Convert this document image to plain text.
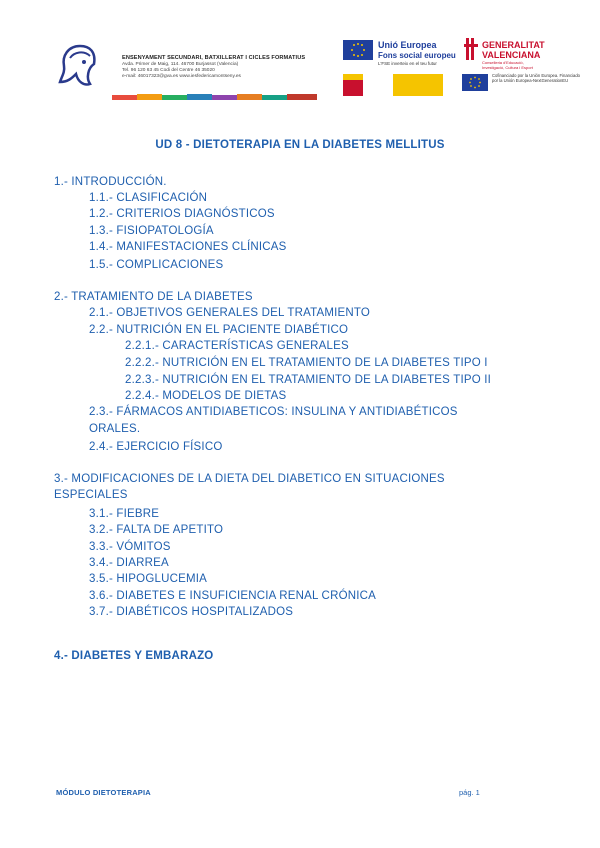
ENSENYAMENT SECUNDARI, BATXILLERAT I CICLES FORMATIUS
Avda. Primer de Maig, 114. 46700 Burjassot (Valencia)
Tel. 96 120 63 45 Codi del Centre 46 35020
e-mail: 46017323@gva.es www.iesfedericamontseny.es
Unió Europea
Fons social europeu
L'FSE inverteix en el teu futur
GENERALITAT
VALENCIANA
Conselleria d'Educació,
Investigació, Cultura i Esport
Cofinanciado por la Unión Europea. Financiado por la Unión Europea-NextGenerationEU
UD 8 - DIETOTERAPIA EN LA DIABETES MELLITUS
1.- INTRODUCCIÓN.
1.1.- CLASIFICACIÓN
1.2.- CRITERIOS DIAGNÓSTICOS
1.3.- FISIOPATOLOGÍA
1.4.- MANIFESTACIONES CLÍNICAS
1.5.- COMPLICACIONES
2.- TRATAMIENTO DE LA DIABETES
2.1.- OBJETIVOS GENERALES DEL TRATAMIENTO
2.2.- NUTRICIÓN EN EL PACIENTE DIABÉTICO
2.2.1.- CARACTERÍSTICAS GENERALES
2.2.2.- NUTRICIÓN EN EL TRATAMIENTO DE LA DIABETES TIPO I
2.2.3.- NUTRICIÓN EN EL TRATAMIENTO DE LA DIABETES TIPO II
2.2.4.- MODELOS DE DIETAS
2.3.- FÁRMACOS ANTIDIABETICOS: INSULINA Y ANTIDIABÉTICOS
ORALES.
2.4.- EJERCICIO FÍSICO
3.- MODIFICACIONES DE LA DIETA DEL DIABETICO EN SITUACIONES
ESPECIALES
3.1.- FIEBRE
3.2.- FALTA DE APETITO
3.3.- VÓMITOS
3.4.- DIARREA
3.5.- HIPOGLUCEMIA
3.6.- DIABETES E INSUFICIENCIA RENAL CRÓNICA
3.7.- DIABÉTICOS HOSPITALIZADOS
4.- DIABETES Y EMBARAZO
MÓDULO DIETOTERAPIA	pág. 1
